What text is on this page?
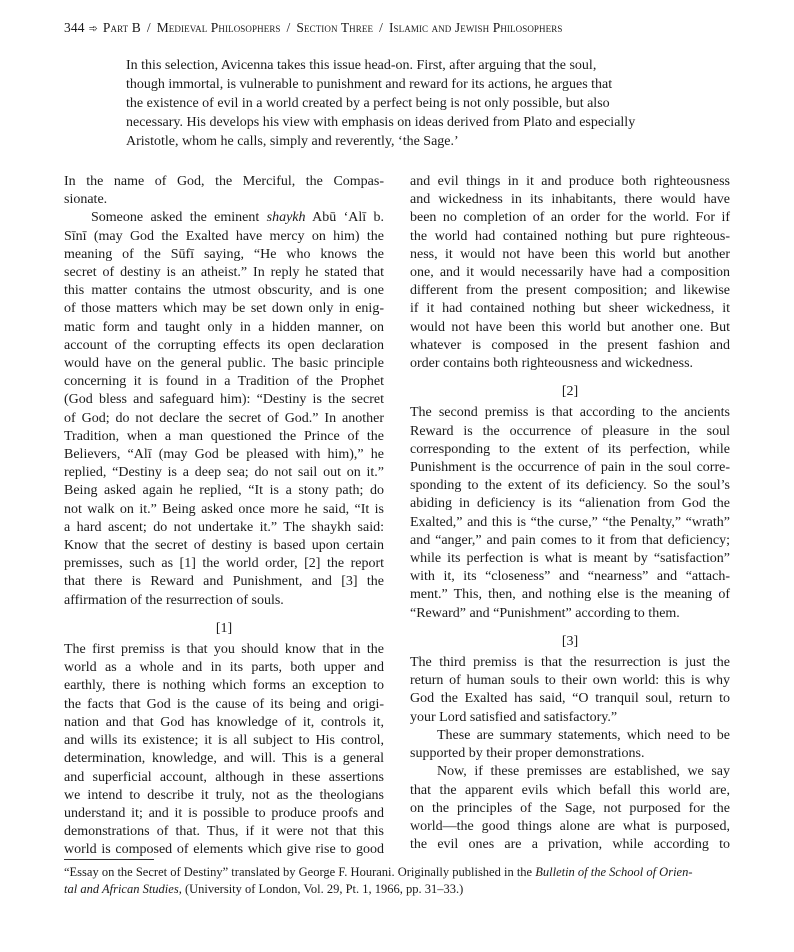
344 ➾ Part B / Medieval Philosophers / Section Three / Islamic and Jewish Philosophers
In this selection, Avicenna takes this issue head-on. First, after arguing that the soul,
though immortal, is vulnerable to punishment and reward for its actions, he argues that
the existence of evil in a world created by a perfect being is not only possible, but also
necessary. His develops his view with emphasis on ideas derived from Plato and especially
Aristotle, whom he calls, simply and reverently, ‘the Sage.’
In the name of God, the Merciful, the Compas-
sionate.
Someone asked the eminent shaykh Abū ‘Alī b.
Sīnī (may God the Exalted have mercy on him) the
meaning of the Sūfī saying, “He who knows the
secret of destiny is an atheist.” In reply he stated that
this matter contains the utmost obscurity, and is one
of those matters which may be set down only in enig-
matic form and taught only in a hidden manner, on
account of the corrupting effects its open declaration
would have on the general public. The basic principle
concerning it is found in a Tradition of the Prophet
(God bless and safeguard him): “Destiny is the secret
of God; do not declare the secret of God.” In another
Tradition, when a man questioned the Prince of the
Believers, “Alī (may God be pleased with him),” he
replied, “Destiny is a deep sea; do not sail out on it.”
Being asked again he replied, “It is a stony path; do
not walk on it.” Being asked once more he said, “It is
a hard ascent; do not undertake it.” The shaykh said:
Know that the secret of destiny is based upon certain
premisses, such as [1] the world order, [2] the report
that there is Reward and Punishment, and [3] the
affirmation of the resurrection of souls.
[1]
The first premiss is that you should know that in the
world as a whole and in its parts, both upper and
earthly, there is nothing which forms an exception to
the facts that God is the cause of its being and origi-
nation and that God has knowledge of it, controls it,
and wills its existence; it is all subject to His control,
determination, knowledge, and will. This is a general
and superficial account, although in these assertions
we intend to describe it truly, not as the theologians
understand it; and it is possible to produce proofs and
demonstrations of that. Thus, if it were not that this
world is composed of elements which give rise to good
and evil things in it and produce both righteousness
and wickedness in its inhabitants, there would have
been no completion of an order for the world. For if
the world had contained nothing but pure righteous-
ness, it would not have been this world but another
one, and it would necessarily have had a composition
different from the present composition; and likewise
if it had contained nothing but sheer wickedness, it
would not have been this world but another one. But
whatever is composed in the present fashion and
order contains both righteousness and wickedness.
[2]
The second premiss is that according to the ancients
Reward is the occurrence of pleasure in the soul
corresponding to the extent of its perfection, while
Punishment is the occurrence of pain in the soul corre-
sponding to the extent of its deficiency. So the soul’s
abiding in deficiency is its “alienation from God the
Exalted,” and this is “the curse,” “the Penalty,” “wrath”
and “anger,” and pain comes to it from that deficiency;
while its perfection is what is meant by “satisfaction”
with it, its “closeness” and “nearness” and “attach-
ment.” This, then, and nothing else is the meaning of
“Reward” and “Punishment” according to them.
[3]
The third premiss is that the resurrection is just the
return of human souls to their own world: this is why
God the Exalted has said, “O tranquil soul, return to
your Lord satisfied and satisfactory.”
These are summary statements, which need to be
supported by their proper demonstrations.
Now, if these premisses are established, we say
that the apparent evils which befall this world are,
on the principles of the Sage, not purposed for the
world—the good things alone are what is purposed,
the evil ones are a privation, while according to
“Essay on the Secret of Destiny” translated by George F. Hourani. Originally published in the Bulletin of the School of Orien-
tal and African Studies, (University of London, Vol. 29, Pt. 1, 1966, pp. 31–33.)
